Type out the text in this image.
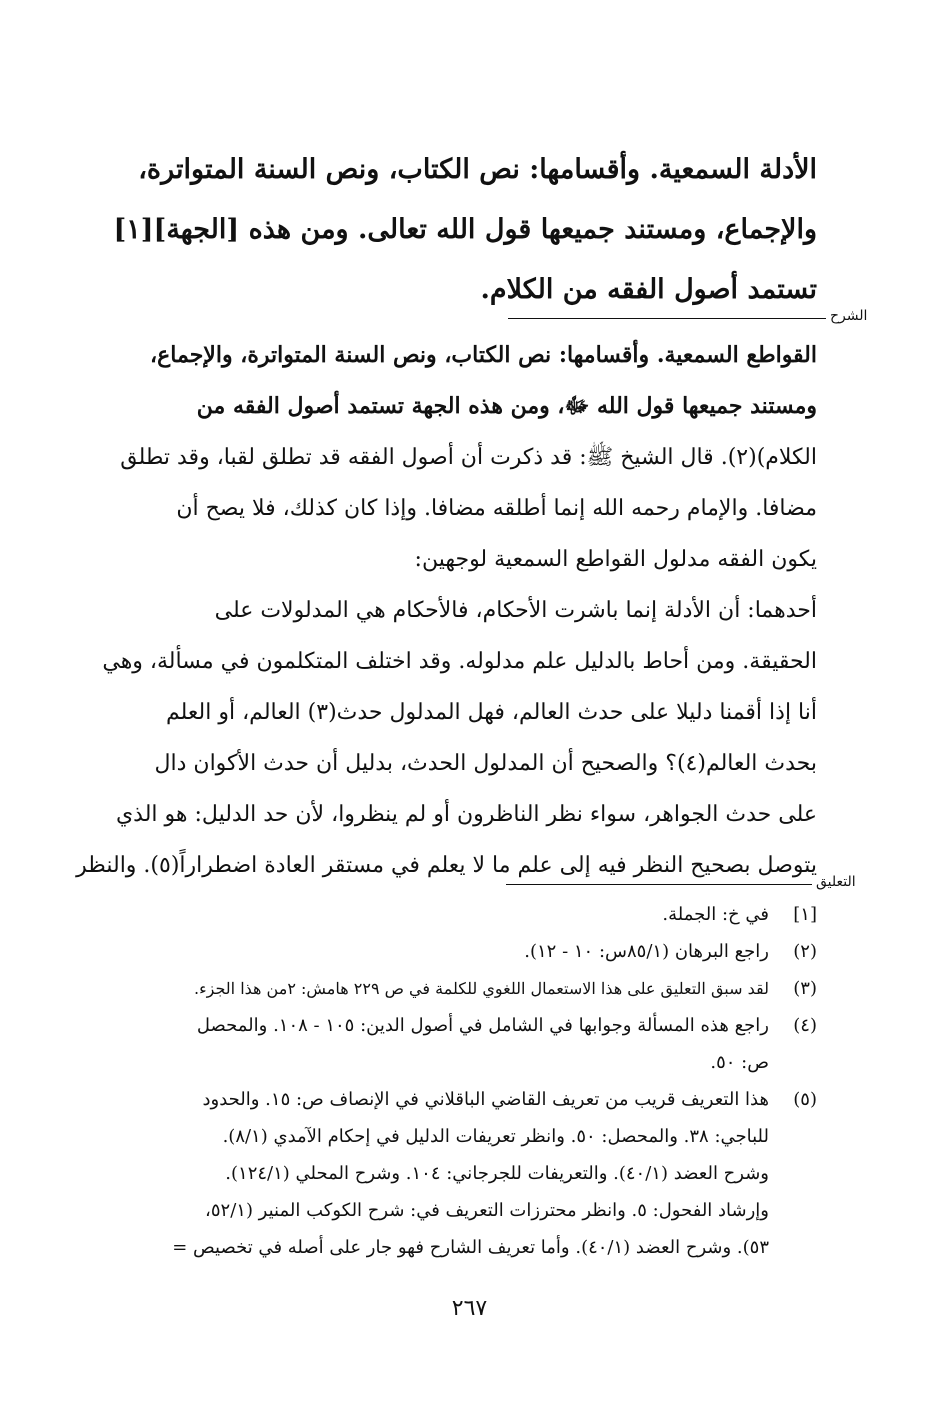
الأدلة السمعية. وأقسامها: نص الكتاب، ونص السنة المتواترة،
والإجماع، ومستند جميعها قول الله تعالى. ومن هذه [الجهة][١]
تستمد أصول الفقه من الكلام.
الشرح
القواطع السمعية. وأقسامها: نص الكتاب، ونص السنة المتواترة، والإجماع،
ومستند جميعها قول الله ﷻ، ومن هذه الجهة تستمد أصول الفقه من
الكلام)(٢). قال الشيخ ﷺ: قد ذكرت أن أصول الفقه قد تطلق لقبا، وقد تطلق
مضافا. والإمام رحمه الله إنما أطلقه مضافا. وإذا كان كذلك، فلا يصح أن
يكون الفقه مدلول القواطع السمعية لوجهين:
أحدهما: أن الأدلة إنما باشرت الأحكام، فالأحكام هي المدلولات على
الحقيقة. ومن أحاط بالدليل علم مدلوله. وقد اختلف المتكلمون في مسألة، وهي
أنا إذا أقمنا دليلا على حدث العالم، فهل المدلول حدث(٣) العالم، أو العلم
بحدث العالم(٤)؟ والصحيح أن المدلول الحدث، بدليل أن حدث الأكوان دال
على حدث الجواهر، سواء نظر الناظرون أو لم ينظروا، لأن حد الدليل: هو الذي
يتوصل بصحيح النظر فيه إلى علم ما لا يعلم في مستقر العادة اضطراراً(٥). والنظر
التعليق
[١]
في خ: الجملة.
(٢)
راجع البرهان (٨٥/١س: ١٠ - ١٢).
(٣)
لقد سبق التعليق على هذا الاستعمال اللغوي للكلمة في ص ٢٢٩ هامش: ٢من هذا الجزء.
(٤)
راجع هذه المسألة وجوابها في الشامل في أصول الدين: ١٠٥ - ١٠٨. والمحصل
ص: ٥٠.
(٥)
هذا التعريف قريب من تعريف القاضي الباقلاني في الإنصاف ص: ١٥. والحدود
للباجي: ٣٨. والمحصل: ٥٠. وانظر تعريفات الدليل في إحكام الآمدي (٨/١).
وشرح العضد (٤٠/١). والتعريفات للجرجاني: ١٠٤. وشرح المحلي (١٢٤/١).
وإرشاد الفحول: ٥. وانظر محترزات التعريف في: شرح الكوكب المنير (٥٢/١،
٥٣). وشرح العضد (٤٠/١). وأما تعريف الشارح فهو جار على أصله في تخصيص =
٢٦٧
